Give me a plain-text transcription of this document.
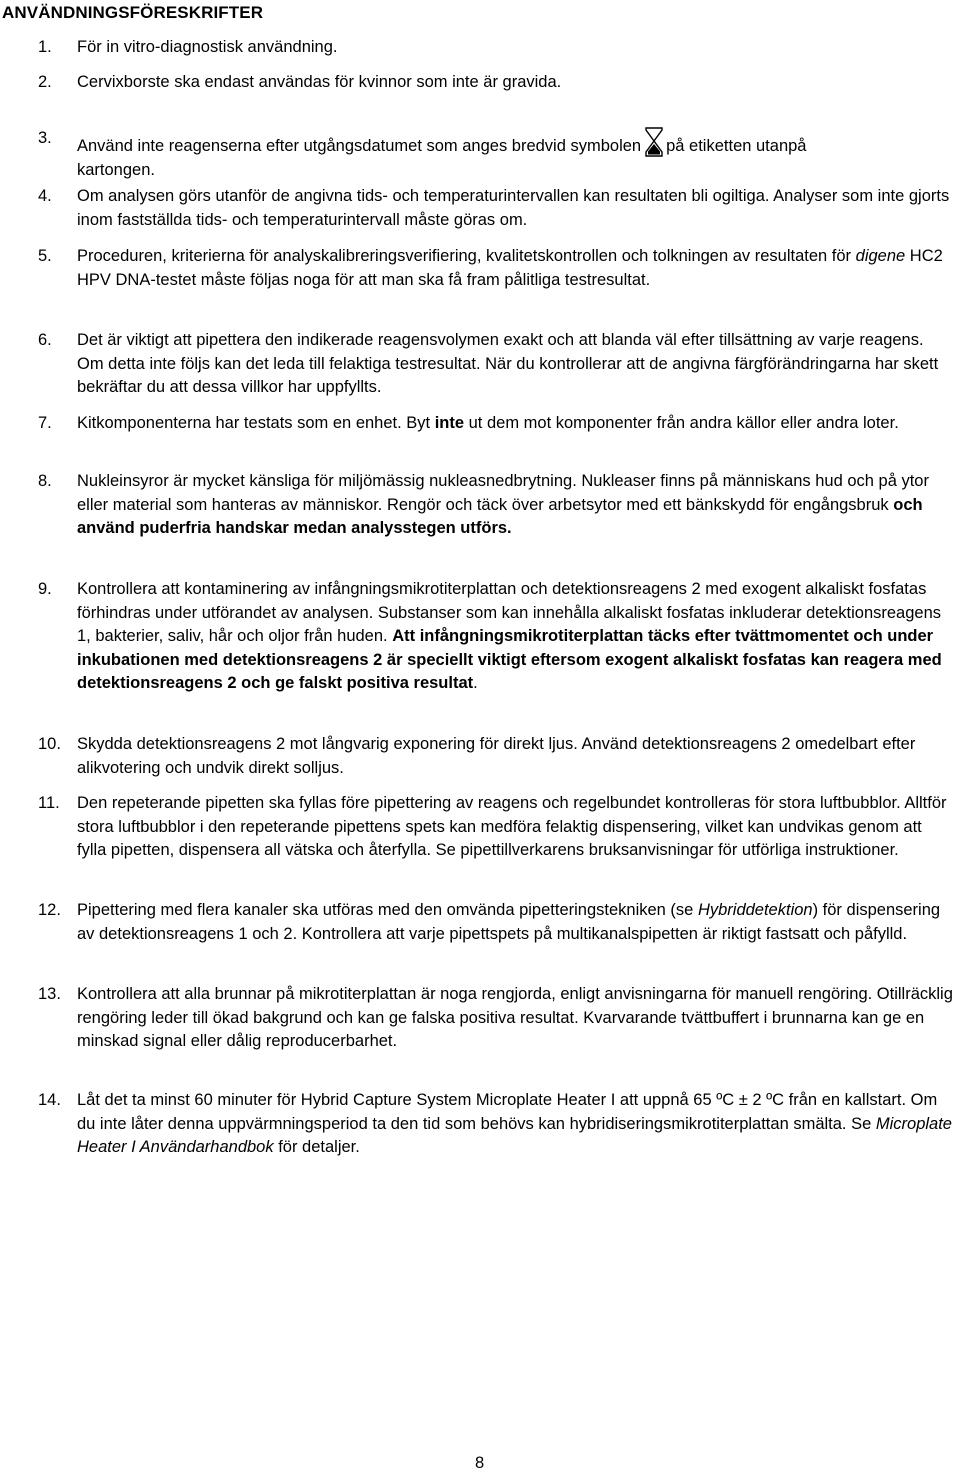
ANVÄNDNINGSFÖRESKRIFTER
1. För in vitro-diagnostisk användning.
2. Cervixborste ska endast användas för kvinnor som inte är gravida.
3. Använd inte reagenserna efter utgångsdatumet som anges bredvid symbolen på etiketten utanpå kartongen.
4. Om analysen görs utanför de angivna tids- och temperaturintervallen kan resultaten bli ogiltiga. Analyser som inte gjorts inom fastställda tids- och temperaturintervall måste göras om.
5. Proceduren, kriterierna för analyskalibreringsverifiering, kvalitetskontrollen och tolkningen av resultaten för digene HC2 HPV DNA-testet måste följas noga för att man ska få fram pålitliga testresultat.
6. Det är viktigt att pipettera den indikerade reagensvolymen exakt och att blanda väl efter tillsättning av varje reagens. Om detta inte följs kan det leda till felaktiga testresultat. När du kontrollerar att de angivna färgförändringarna har skett bekräftar du att dessa villkor har uppfyllts.
7. Kitkomponenterna har testats som en enhet. Byt inte ut dem mot komponenter från andra källor eller andra loter.
8. Nukleinsyror är mycket känsliga för miljömässig nukleasnedbrytning. Nukleaser finns på människans hud och på ytor eller material som hanteras av människor. Rengör och täck över arbetsytor med ett bänkskydd för engångsbruk och använd puderfria handskar medan analysstegen utförs.
9. Kontrollera att kontaminering av infångningsmikrotiterplattan och detektionsreagens 2 med exogent alkaliskt fosfatas förhindras under utförandet av analysen. Substanser som kan innehålla alkaliskt fosfatas inkluderar detektionsreagens 1, bakterier, saliv, hår och oljor från huden. Att infångningsmikrotiterplattan täcks efter tvättmomentet och under inkubationen med detektionsreagens 2 är speciellt viktigt eftersom exogent alkaliskt fosfatas kan reagera med detektionsreagens 2 och ge falskt positiva resultat.
10. Skydda detektionsreagens 2 mot långvarig exponering för direkt ljus. Använd detektionsreagens 2 omedelbart efter alikvotering och undvik direkt solljus.
11. Den repeterande pipetten ska fyllas före pipettering av reagens och regelbundet kontrolleras för stora luftbubblor. Alltför stora luftbubblor i den repeterande pipettens spets kan medföra felaktig dispensering, vilket kan undvikas genom att fylla pipetten, dispensera all vätska och återfylla. Se pipettillverkarens bruksanvisningar för utförliga instruktioner.
12. Pipettering med flera kanaler ska utföras med den omvända pipetteringstekniken (se Hybriddetektion) för dispensering av detektionsreagens 1 och 2. Kontrollera att varje pipettspets på multikanalspipetten är riktigt fastsatt och påfylld.
13. Kontrollera att alla brunnar på mikrotiterplattan är noga rengjorda, enligt anvisningarna för manuell rengöring. Otillräcklig rengöring leder till ökad bakgrund och kan ge falska positiva resultat. Kvarvarande tvättbuffert i brunnarna kan ge en minskad signal eller dålig reproducerbarhet.
14. Låt det ta minst 60 minuter för Hybrid Capture System Microplate Heater I att uppnå 65 ºC ± 2 ºC från en kallstart. Om du inte låter denna uppvärmningsperiod ta den tid som behövs kan hybridiseringsmikrotiterplattan smälta. Se Microplate Heater I Användarhandbok för detaljer.
8
